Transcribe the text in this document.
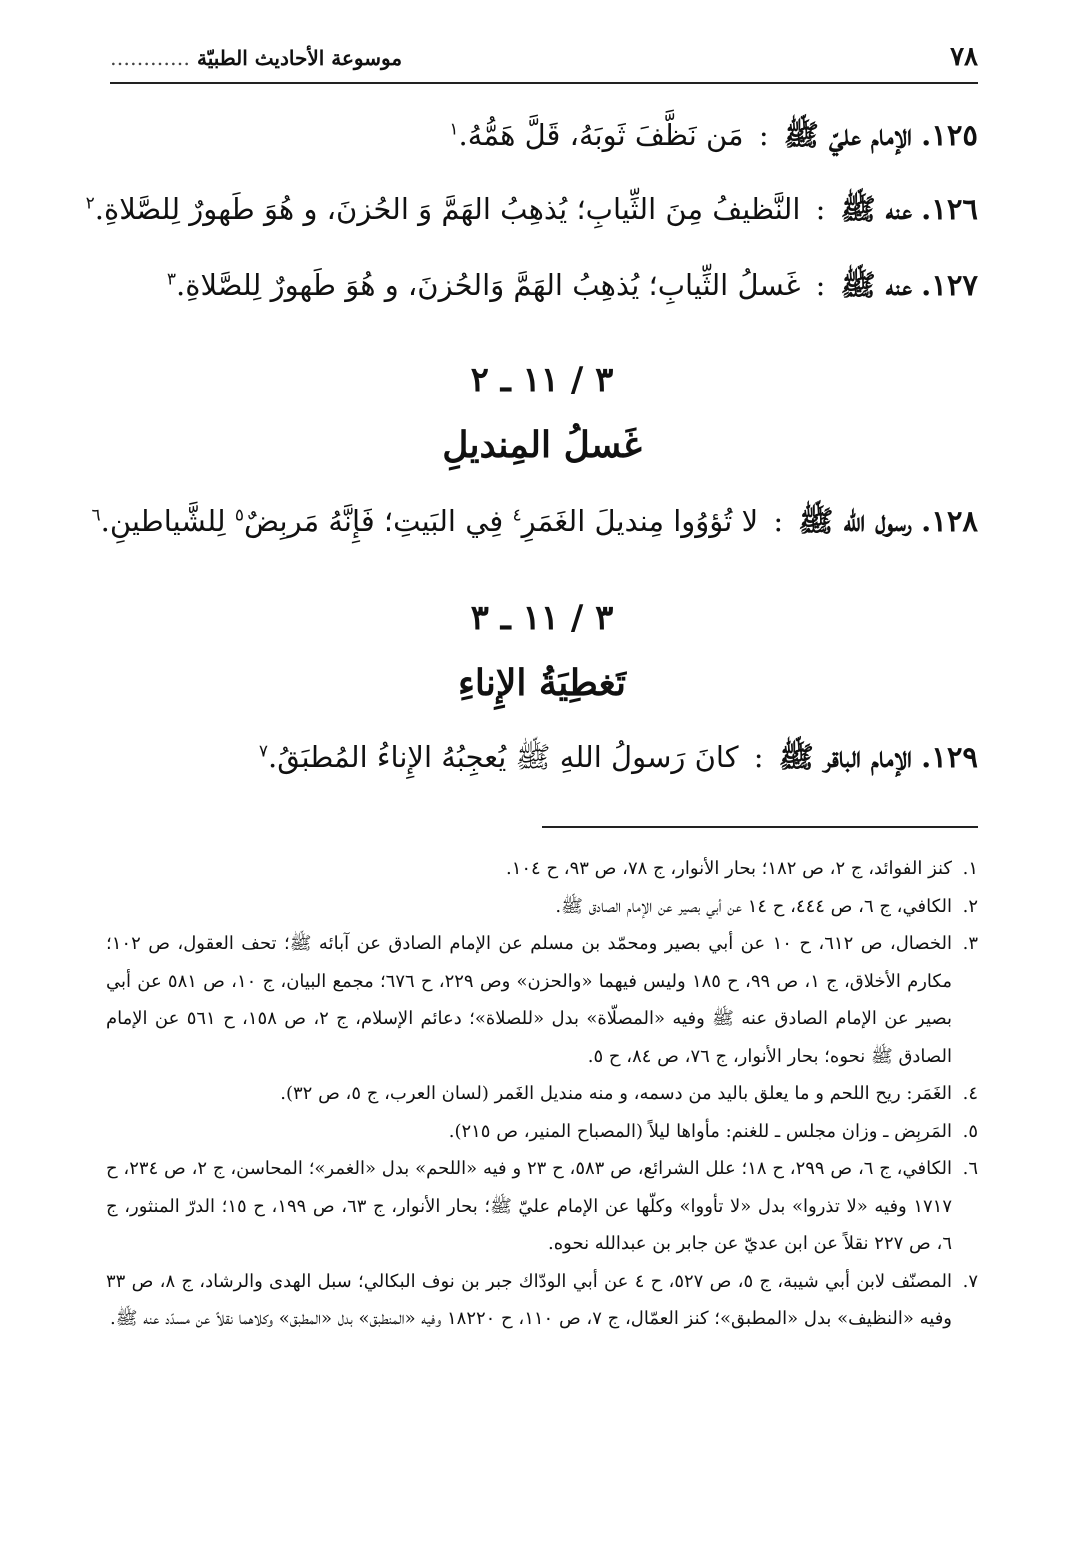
٧٨
موسوعة الأحاديث الطبيّة …………

١٢٥. الإمام عليّ ﷺ : مَن نَظَّفَ ثَوبَهُ، قَلَّ هَمُّهُ.$^١$

١٢٦. عنه ﷺ : النَّظيفُ مِنَ الثِّيابِ؛ يُذهِبُ الهَمَّ وَ الحُزنَ، و هُوَ طَهورٌ لِلصَّلاةِ.$^٢$

١٢٧. عنه ﷺ : غَسلُ الثِّيابِ؛ يُذهِبُ الهَمَّ وَالحُزنَ، و هُوَ طَهورٌ لِلصَّلاةِ.$^٣$

٣ / ١١ ـ ٢
غَسلُ المِنديلِ

١٢٨. رسول الله ﷺ : لا تُؤوُوا مِنديلَ الغَمَرِ$^٤$ فِي البَيتِ؛ فَإِنَّهُ مَربِضٌ$^٥$ لِلشَّياطينِ.$^٦$

٣ / ١١ ـ ٣
تَغطِيَةُ الإِناءِ

١٢٩. الإمام الباقر ﷺ : كانَ رَسولُ اللهِ ﷺ يُعجِبُهُ الإِناءُ المُطبَقُ.$^٧$

١.
كنز الفوائد، ج ٢، ص ١٨٢؛ بحار الأنوار، ج ٧٨، ص ٩٣، ح ١٠٤.

٢.
الكافي، ج ٦، ص ٤٤٤، ح ١٤ عن أبي بصير عن الإمام الصادق ﷺ.

٣.
الخصال، ص ٦١٢، ح ١٠ عن أبي بصير ومحمّد بن مسلم عن الإمام الصادق عن آبائه ﷺ؛ تحف العقول، ص ١٠٢؛ مكارم الأخلاق، ج ١، ص ٩٩، ح ١٨٥ وليس فيهما «والحزن» وص ٢٢٩، ح ٦٧٦؛ مجمع البيان، ج ١٠، ص ٥٨١ عن أبي بصير عن الإمام الصادق عنه ﷺ وفيه «المصلّاة» بدل «للصلاة»؛ دعائم الإسلام، ج ٢، ص ١٥٨، ح ٥٦١ عن الإمام الصادق ﷺ نحوه؛ بحار الأنوار، ج ٧٦، ص ٨٤، ح ٥.

٤.
الغَمَر: ريح اللحم و ما يعلق باليد من دسمه، و منه منديل الغَمر (لسان العرب، ج ٥، ص ٣٢).

٥.
المَربِض ـ وزان مجلس ـ للغنم: مأواها ليلاً (المصباح المنير، ص ٢١٥).

٦.
الكافي، ج ٦، ص ٢٩٩، ح ١٨؛ علل الشرائع، ص ٥٨٣، ح ٢٣ و فيه «اللحم» بدل «الغمر»؛ المحاسن، ج ٢، ص ٢٣٤، ح ١٧١٧ وفيه «لا تذروا» بدل «لا تأووا» وكلّها عن الإمام عليّ ﷺ؛ بحار الأنوار، ج ٦٣، ص ١٩٩، ح ١٥؛ الدرّ المنثور، ج ٦، ص ٢٢٧ نقلاً عن ابن عديّ عن جابر بن عبدالله نحوه.

٧.
المصنّف لابن أبي شيبة، ج ٥، ص ٥٢٧، ح ٤ عن أبي الودّاك جبر بن نوف البكالي؛ سبل الهدى والرشاد، ج ٨، ص ٣٣ وفيه «النظيف» بدل «المطبق»؛ كنز العمّال، ج ٧، ص ١١٠، ح ١٨٢٢٠ وفيه «المنطبق» بدل «المطبق» وكلاهما نقلاً عن مسدّد عنه ﷺ.
